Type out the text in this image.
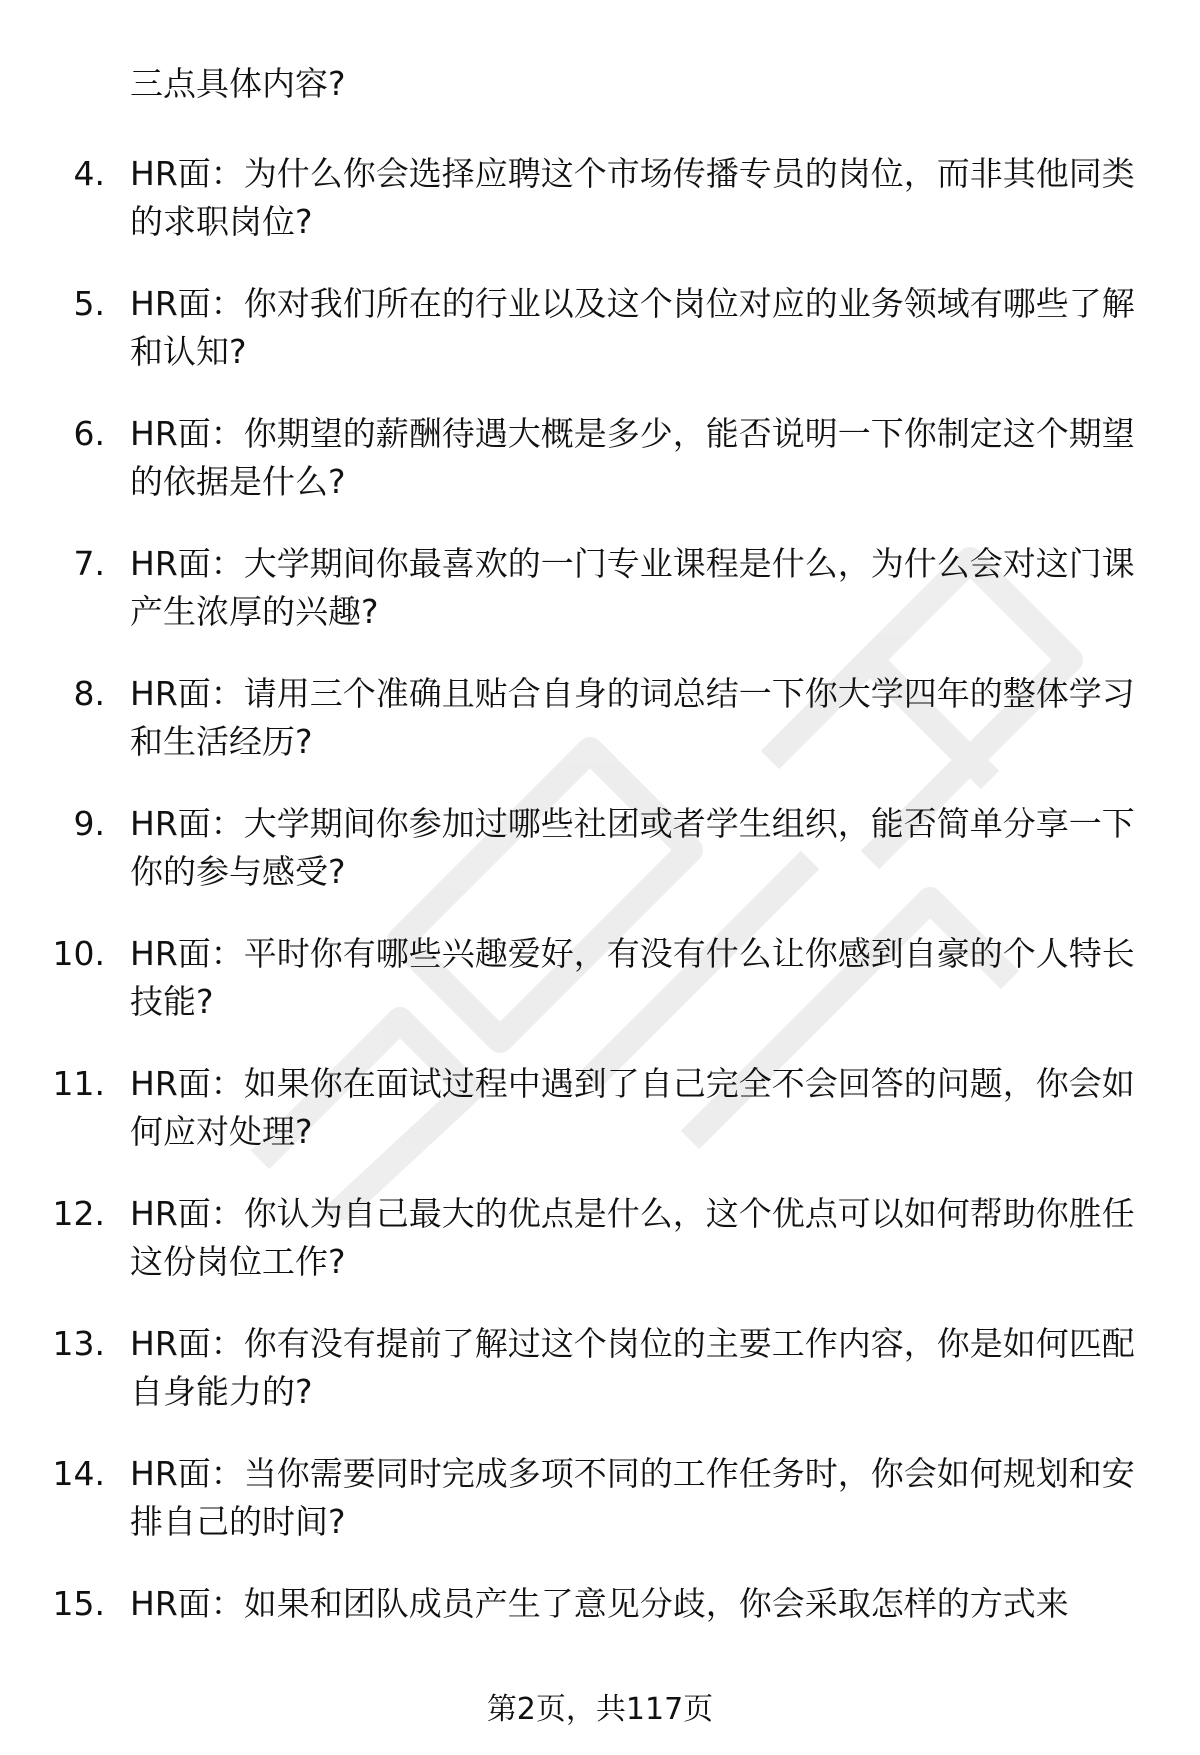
三点具体内容?
4. HR面：为什么你会选择应聘这个市场传播专员的岗位，而非其他同类的求职岗位?
5. HR面：你对我们所在的行业以及这个岗位对应的业务领域有哪些了解和认知?
6. HR面：你期望的薪酬待遇大概是多少，能否说明一下你制定这个期望的依据是什么?
7. HR面：大学期间你最喜欢的一门专业课程是什么，为什么会对这门课产生浓厚的兴趣?
8. HR面：请用三个准确且贴合自身的词总结一下你大学四年的整体学习和生活经历?
9. HR面：大学期间你参加过哪些社团或者学生组织，能否简单分享一下你的参与感受?
10. HR面：平时你有哪些兴趣爱好，有没有什么让你感到自豪的个人特长技能?
11. HR面：如果你在面试过程中遇到了自己完全不会回答的问题，你会如何应对处理?
12. HR面：你认为自己最大的优点是什么，这个优点可以如何帮助你胜任这份岗位工作?
13. HR面：你有没有提前了解过这个岗位的主要工作内容，你是如何匹配自身能力的?
14. HR面：当你需要同时完成多项不同的工作任务时，你会如何规划和安排自己的时间?
15. HR面：如果和团队成员产生了意见分歧，你会采取怎样的方式来
第2页，共117页
